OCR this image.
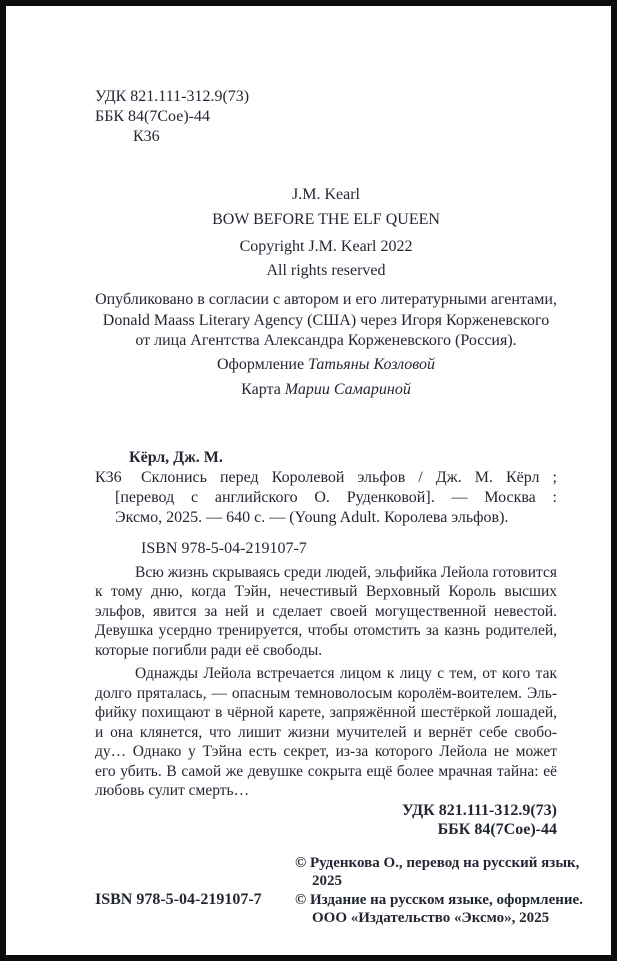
УДК 821.111-312.9(73)
ББК 84(7Сое)-44
К36
J.M. Kearl
BOW BEFORE THE ELF QUEEN
Copyright J.M. Kearl 2022
All rights reserved
Опубликовано в согласии с автором и его литературными агентами,
Donald Maass Literary Agency (США) через Игоря Корженевского
от лица Агентства Александра Корженевского (Россия).
Оформление Татьяны Козловой
Карта Марии Самариной
К36
Кёрл, Дж. М.
Склонись перед Королевой эльфов / Дж. М. Кёрл ;
[перевод с английского О. Руденковой]. — Москва :
Эксмо, 2025. — 640 с. — (Young Adult. Королева эльфов).
ISBN 978-5-04-219107-7
Всю жизнь скрываясь среди людей, эльфийка Лейола готовится
к тому дню, когда Тэйн, нечестивый Верховный Король высших
эльфов, явится за ней и сделает своей могущественной невестой.
Девушка усердно тренируется, чтобы отомстить за казнь родителей,
которые погибли ради её свободы.
Однажды Лейола встречается лицом к лицу с тем, от кого так
долго пряталась, — опасным темноволосым королём-воителем. Эль-
фийку похищают в чёрной карете, запряжённой шестёркой лошадей,
и она клянется, что лишит жизни мучителей и вернёт себе свобо-
ду… Однако у Тэйна есть секрет, из-за которого Лейола не может
его убить. В самой же девушке сокрыта ещё более мрачная тайна: её
любовь сулит смерть…
УДК 821.111-312.9(73)
ББК 84(7Сое)-44
ISBN 978-5-04-219107-7
© Руденкова О., перевод на русский язык,
2025
© Издание на русском языке, оформление.
ООО «Издательство «Эксмо», 2025
